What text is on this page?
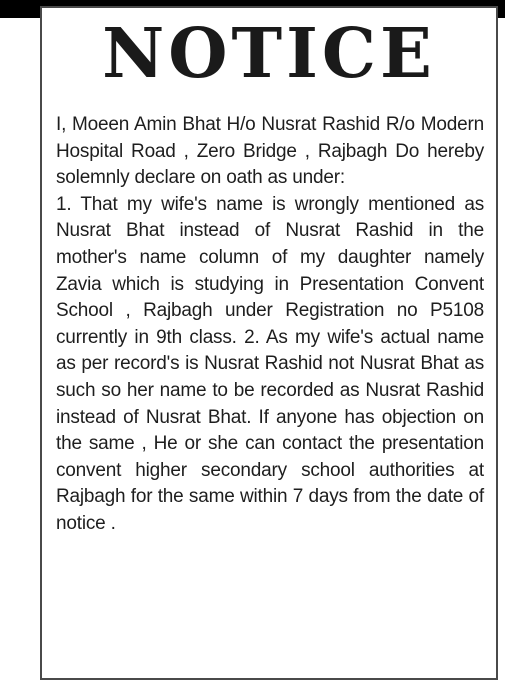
NOTICE

I, Moeen Amin Bhat H/o Nusrat Rashid R/o Modern Hospital Road , Zero Bridge , Rajbagh Do hereby solemnly declare on oath as under:

1. That my wife's name is wrongly mentioned as Nusrat Bhat instead of Nusrat Rashid in the mother's name column of my daughter namely Zavia which is studying in Presentation Convent School , Rajbagh under Registration no P5108 currently in 9th class. 2. As my wife's actual name as per record's is Nusrat Rashid not Nusrat Bhat as such so her name to be recorded as Nusrat Rashid instead of Nusrat Bhat. If anyone has objection on the same , He or she can contact the presentation convent higher secondary school authorities at Rajbagh for the same within 7 days from the date of notice .
